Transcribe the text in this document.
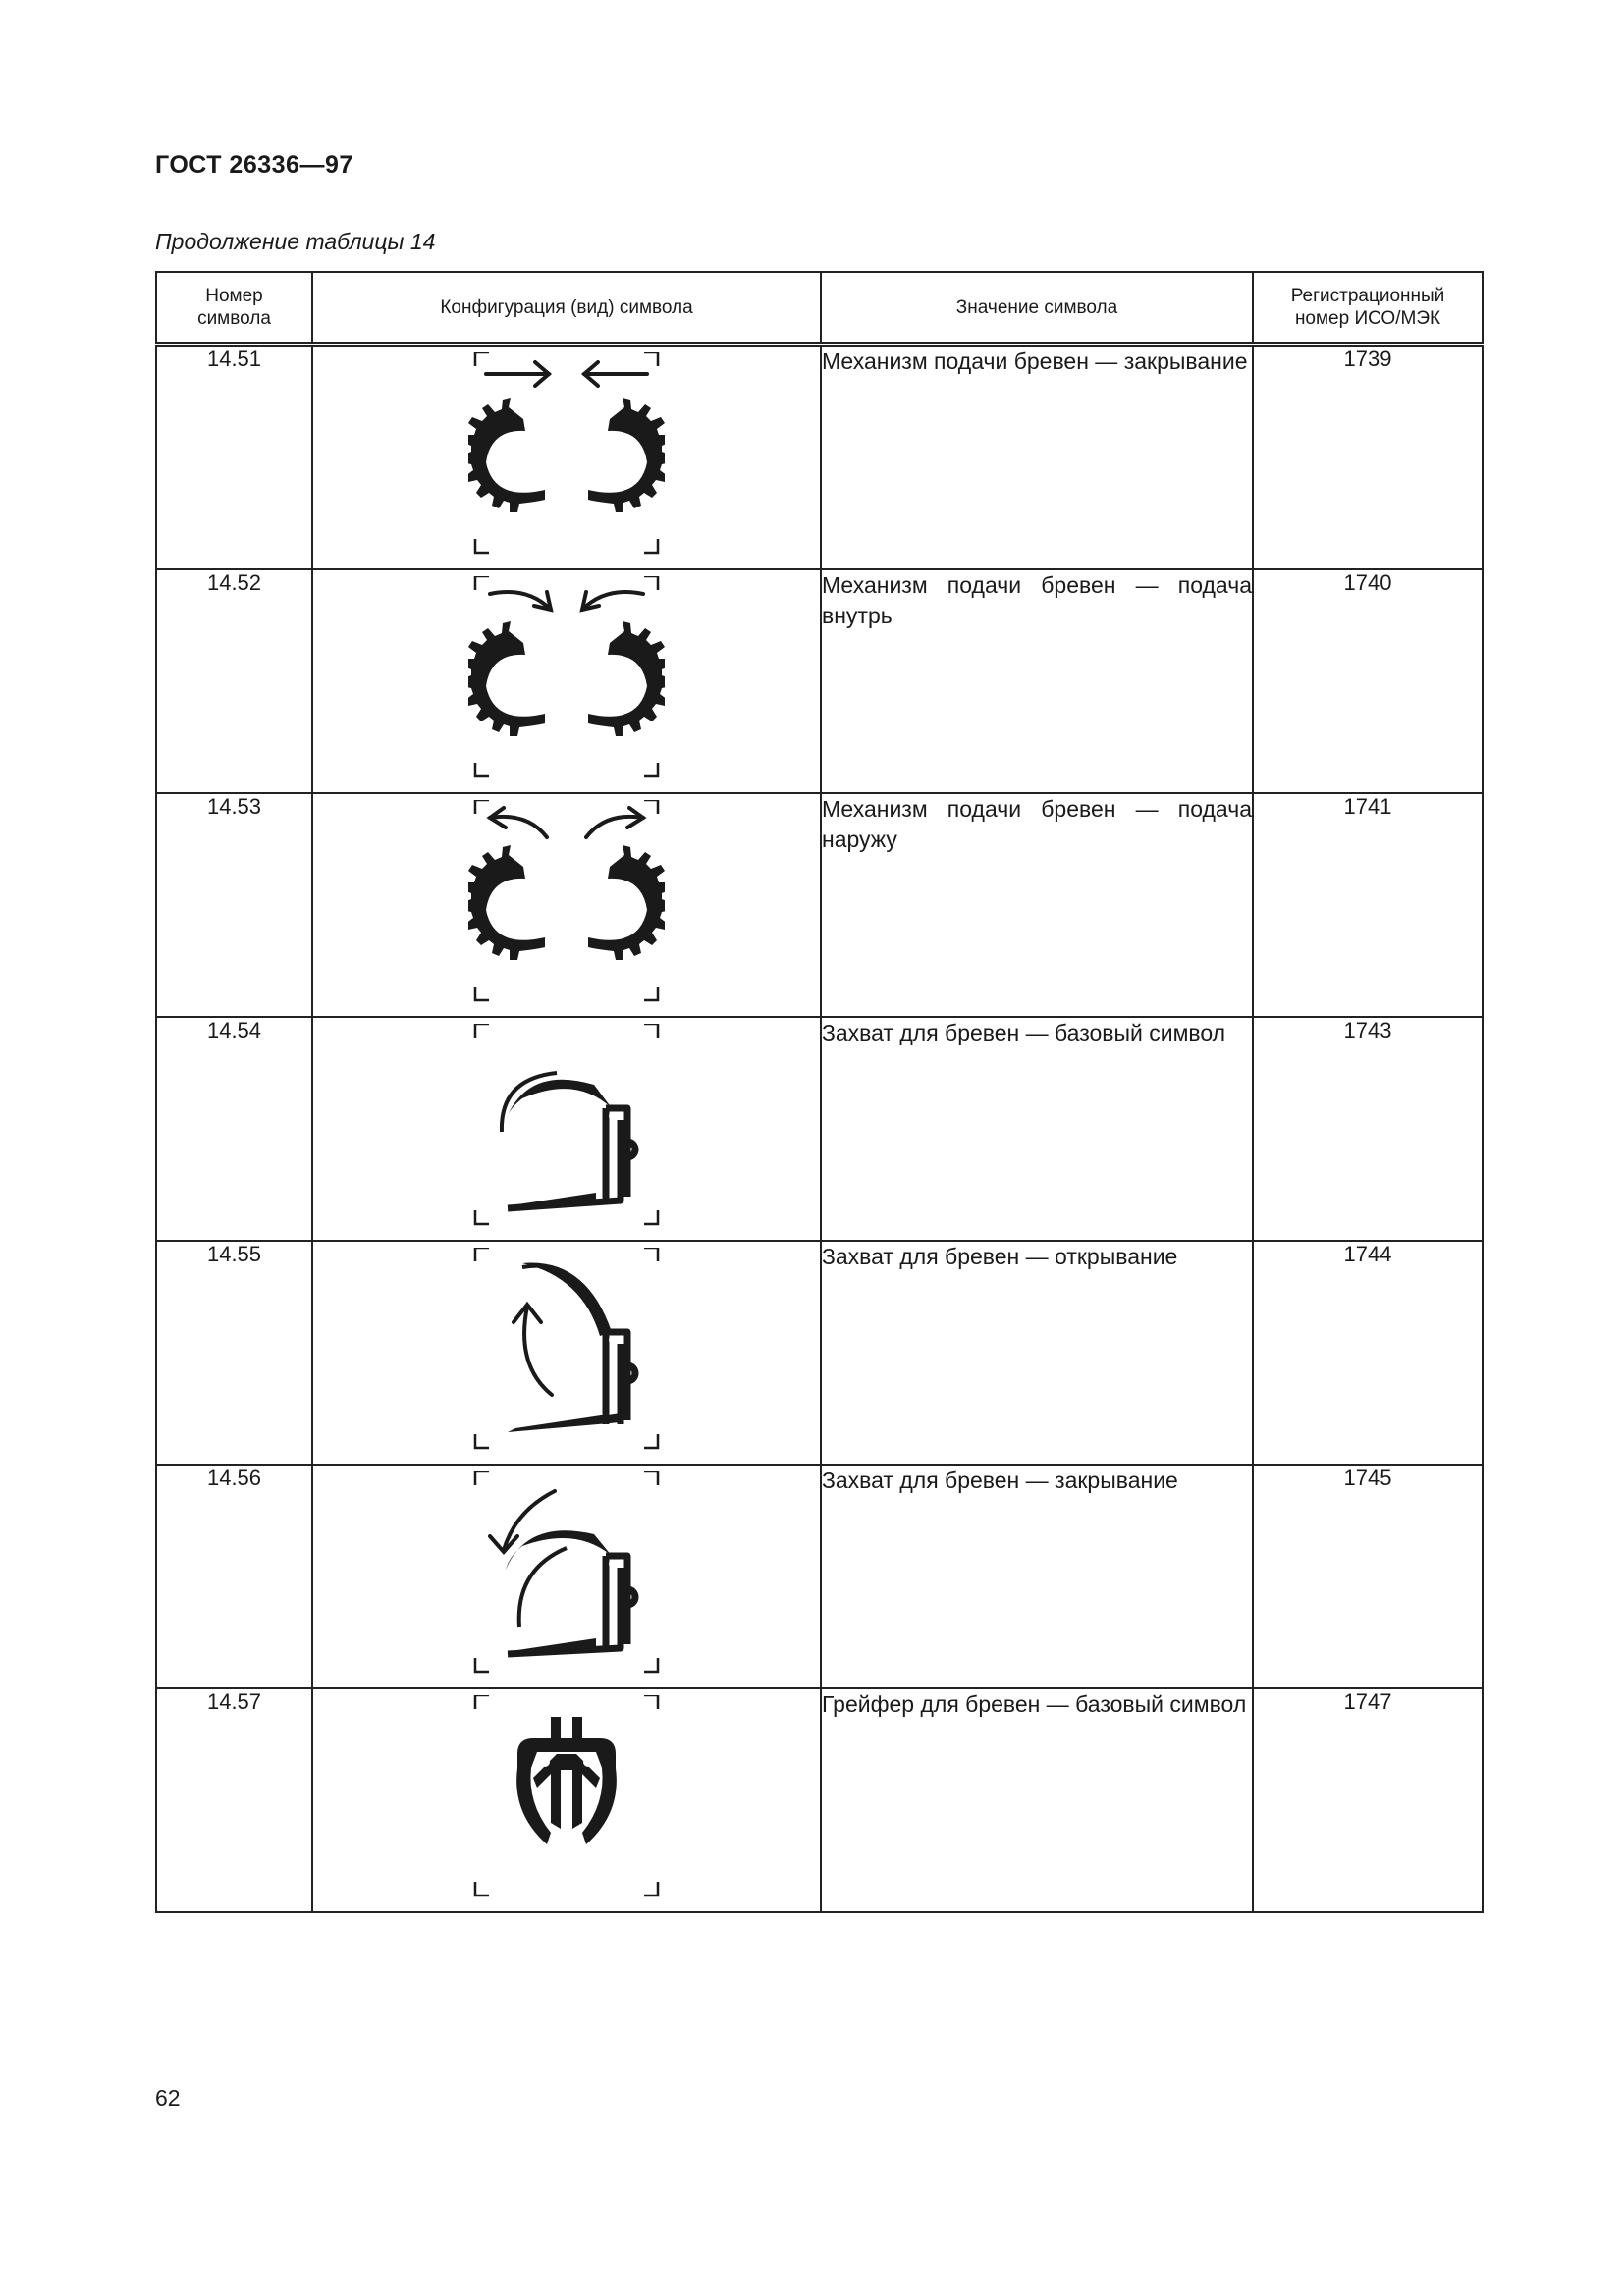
ГОСТ 26336—97
Продолжение таблицы 14
Номер символа	Конфигурация (вид) символа	Значение символа	Регистрационный номер ИСО/МЭК
14.51		Механизм подачи бревен — закрывание	1739
14.52		Механизм подачи бревен — подача внутрь	1740
14.53		Механизм подачи бревен — подача наружу	1741
14.54		Захват для бревен — базовый символ	1743
14.55		Захват для бревен — открывание	1744
14.56		Захват для бревен — закрывание	1745
14.57		Грейфер для бревен — базовый символ	1747
62
